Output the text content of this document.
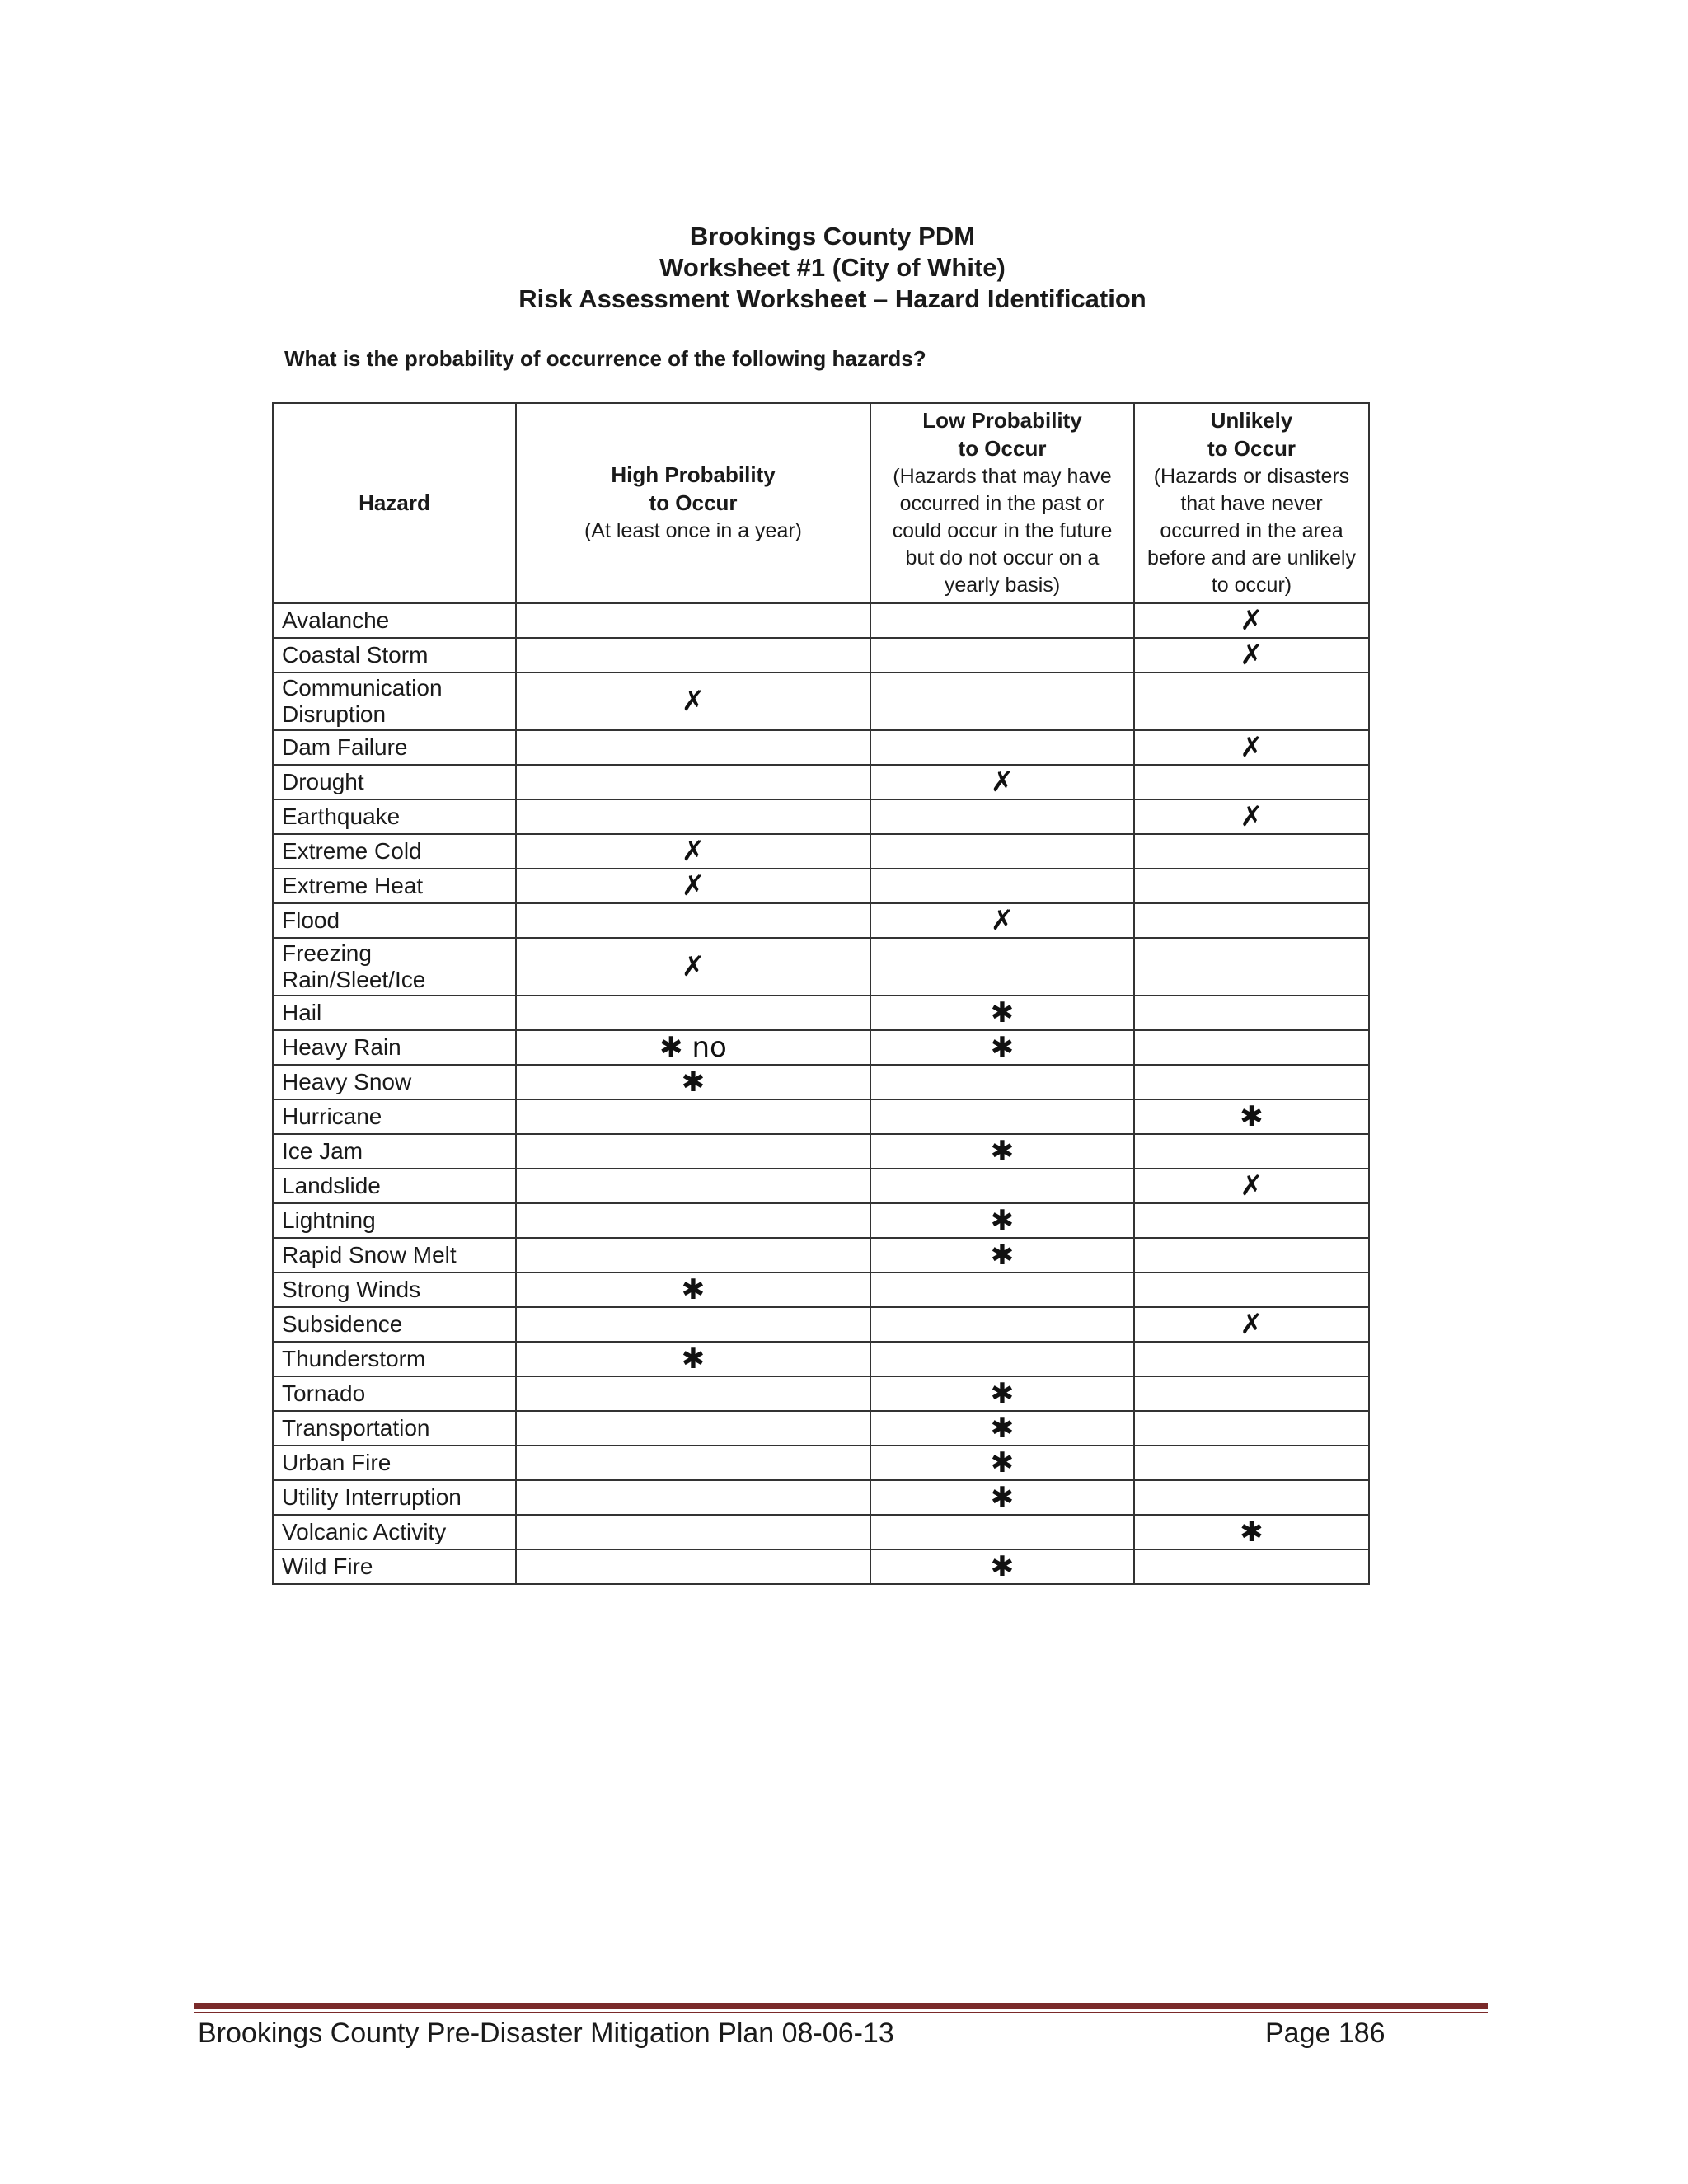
Brookings County PDM
Worksheet #1 (City of White)
Risk Assessment Worksheet – Hazard Identification
What is the probability of occurrence of the following hazards?
Hazard	High Probability
to Occur
(At least once in a year)	Low Probability
to Occur
(Hazards that may have occurred in the past or could occur in the future but do not occur on a yearly basis)	Unlikely
to Occur
(Hazards or disasters that have never occurred in the area before and are unlikely to occur)
Avalanche			✗
Coastal Storm			✗
Communication Disruption	✗		
Dam Failure			✗
Drought		✗	
Earthquake			✗
Extreme Cold	✗		
Extreme Heat	✗		
Flood		✗	
Freezing Rain/Sleet/Ice	✗		
Hail		✱	
Heavy Rain	✱ no	✱	
Heavy Snow	✱		
Hurricane			✱
Ice Jam		✱	
Landslide			✗
Lightning		✱	
Rapid Snow Melt		✱	
Strong Winds	✱		
Subsidence			✗
Thunderstorm	✱		
Tornado		✱	
Transportation		✱	
Urban Fire		✱	
Utility Interruption		✱	
Volcanic Activity			✱
Wild Fire		✱	
Brookings County Pre-Disaster Mitigation Plan 08-06-13	Page 186
